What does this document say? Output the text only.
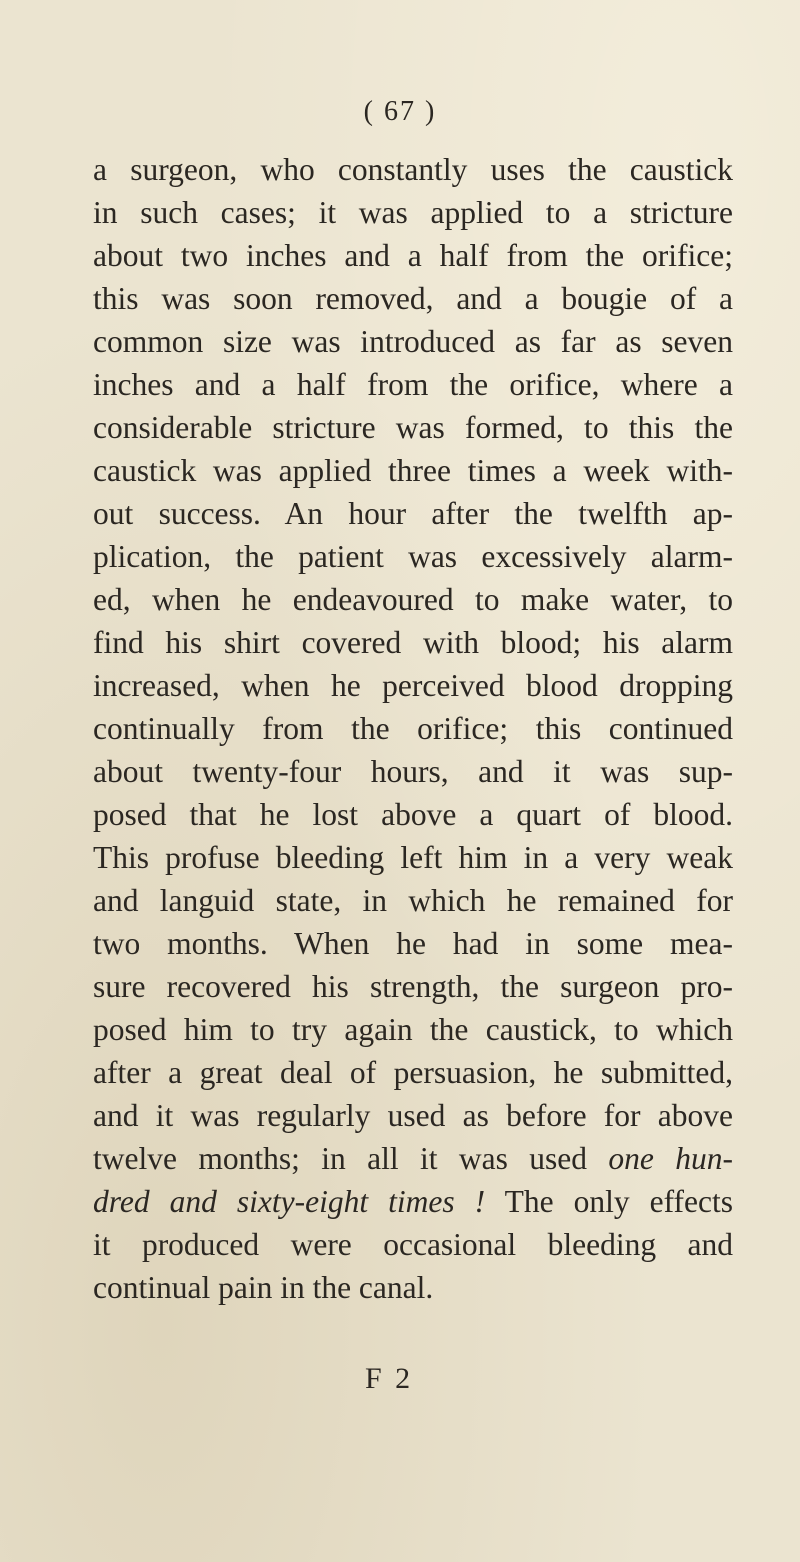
( 67 )
a surgeon, who constantly uses the caustick
in such cases; it was applied to a stricture
about two inches and a half from the orifice;
this was soon removed, and a bougie of a
common size was introduced as far as seven
inches and a half from the orifice, where a
considerable stricture was formed, to this the
caustick was applied three times a week with-
out success. An hour after the twelfth ap-
plication, the patient was excessively alarm-
ed, when he endeavoured to make water, to
find his shirt covered with blood; his alarm
increased, when he perceived blood dropping
continually from the orifice; this continued
about twenty-four hours, and it was sup-
posed that he lost above a quart of blood.
This profuse bleeding left him in a very weak
and languid state, in which he remained for
two months. When he had in some mea-
sure recovered his strength, the surgeon pro-
posed him to try again the caustick, to which
after a great deal of persuasion, he submitted,
and it was regularly used as before for above
twelve months; in all it was used one hun-
dred and sixty-eight times ! The only effects
it produced were occasional bleeding and
continual pain in the canal.
F 2
